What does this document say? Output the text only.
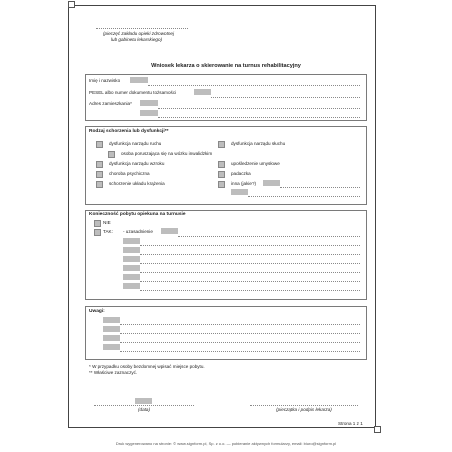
(pieczęć zakładu opieki zdrowotnej
lub gabinetu lekarskiego)
Wniosek lekarza o skierowanie na turnus rehabilitacyjny
Imię i nazwisko
PESEL albo numer dokumentu tożsamości
Adres zamieszkania*
Rodzaj schorzenia lub dysfunkcji**
dysfunkcja narządu ruchu
osoba poruszająca się na wózku inwalidzkim
dysfunkcja narządu wzroku
choroba psychiczna
schorzenie układu krążenia
dysfunkcja narządu słuchu
upośledzenie umysłowe
padaczka
inna (jakie?)
Konieczność pobytu opiekuna na turnusie
NIE
TAK: - uzasadnienie
Uwagi:
* W przypadku osoby bezdomnej wpisać miejsce pobytu.
** Właściwe zaznaczyć.
(data)	(pieczątka i podpis lekarza)
Strona 1 z 1
Druk wygenerowano na stronie: © www.signform.pl, Sp. z o.o. — pobieranie aktywnych formularzy, email: biuro@signform.pl
